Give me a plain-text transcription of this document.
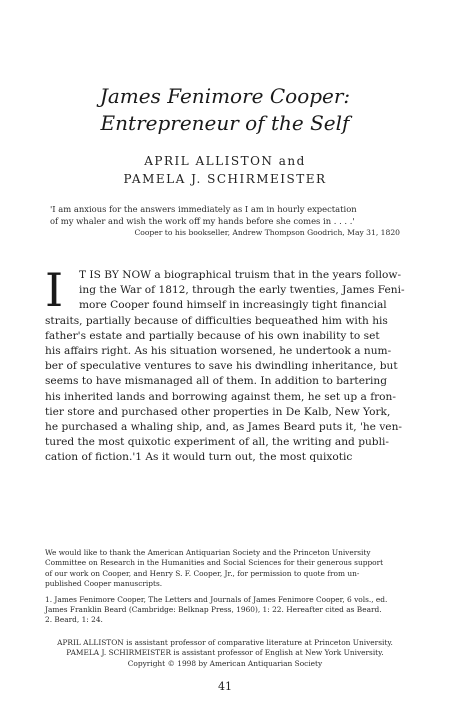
James Fenimore Cooper:
Entrepreneur of the Self
APRIL ALLISTON and
PAMELA J. SCHIRMEISTER
'I am anxious for the answers immediately as I am in hourly expectation
of my whaler and wish the work off my hands before she comes in . . . .'
Cooper to his bookseller, Andrew Thompson Goodrich, May 31, 1820
I	T IS BY NOW a biographical truism that in the years follow-
ing the War of 1812, through the early twenties, James Feni-
more Cooper found himself in increasingly tight financial
straits, partially because of difficulties bequeathed him with his
father's estate and partially because of his own inability to set
his affairs right. As his situation worsened, he undertook a num-
ber of speculative ventures to save his dwindling inheritance, but
seems to have mismanaged all of them. In addition to bartering
his inherited lands and borrowing against them, he set up a fron-
tier store and purchased other properties in De Kalb, New York,
he purchased a whaling ship, and, as James Beard puts it, 'he ven-
tured the most quixotic experiment of all, the writing and publi-
cation of fiction.'1 As it would turn out, the most quixotic
We would like to thank the American Antiquarian Society and the Princeton University
Committee on Research in the Humanities and Social Sciences for their generous support
of our work on Cooper, and Henry S. F. Cooper, Jr., for permission to quote from un-
published Cooper manuscripts.
1. James Fenimore Cooper, The Letters and Journals of James Fenimore Cooper, 6 vols., ed.
James Franklin Beard (Cambridge: Belknap Press, 1960), 1: 22. Hereafter cited as Beard.
2. Beard, 1: 24.
APRIL ALLISTON is assistant professor of comparative literature at Princeton University.
PAMELA J. SCHIRMEISTER is assistant professor of English at New York University.
Copyright © 1998 by American Antiquarian Society
41
